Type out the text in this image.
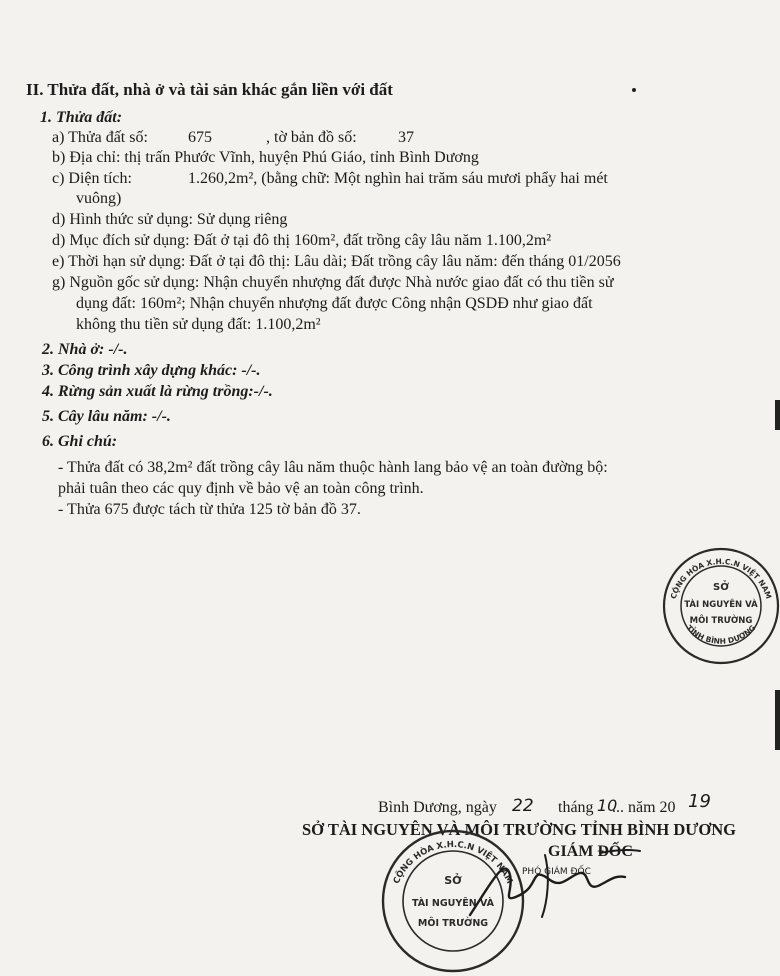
II. Thửa đất, nhà ở và tài sản khác gắn liền với đất
1. Thửa đất:
a) Thửa đất số:	675	, tờ bản đồ số:	37
b) Địa chỉ: thị trấn Phước Vĩnh, huyện Phú Giáo, tỉnh Bình Dương
c) Diện tích:	1.260,2m², (bằng chữ: Một nghìn hai trăm sáu mươi phẩy hai mét
vuông)
d) Hình thức sử dụng: Sử dụng riêng
d) Mục đích sử dụng: Đất ở tại đô thị 160m², đất trồng cây lâu năm 1.100,2m²
e) Thời hạn sử dụng: Đất ở tại đô thị: Lâu dài; Đất trồng cây lâu năm: đến tháng 01/2056
g) Nguồn gốc sử dụng: Nhận chuyển nhượng đất được Nhà nước giao đất có thu tiền sử
dụng đất: 160m²; Nhận chuyển nhượng đất được Công nhận QSDĐ như giao đất
không thu tiền sử dụng đất: 1.100,2m²
2. Nhà ở: -/-.
3. Công trình xây dựng khác: -/-.
4. Rừng sản xuất là rừng trồng:-/-.
5. Cây lâu năm: -/-.
6. Ghi chú:
- Thửa đất có 38,2m² đất trồng cây lâu năm thuộc hành lang bảo vệ an toàn đường bộ:
phải tuân theo các quy định về bảo vệ an toàn công trình.
- Thửa 675 được tách từ thửa 125 tờ bản đồ 37.
CỘNG HÒA X.H.C.N VIỆT NAM
TỈNH BÌNH DƯƠNG
SỞ
TÀI NGUYÊN VÀ
MÔI TRƯỜNG
Bình Dương, ngày 22 tháng 10
... năm 20 19
SỞ TÀI NGUYÊN VÀ MÔI TRƯỜNG TỈNH BÌNH DƯƠNG
GIÁM ĐỐC
PHÓ GIÁM ĐỐC
CỘNG HÒA X.H.C.N VIỆT NAM
SỞ
TÀI NGUYÊN VÀ
MÔI TRƯỜNG
